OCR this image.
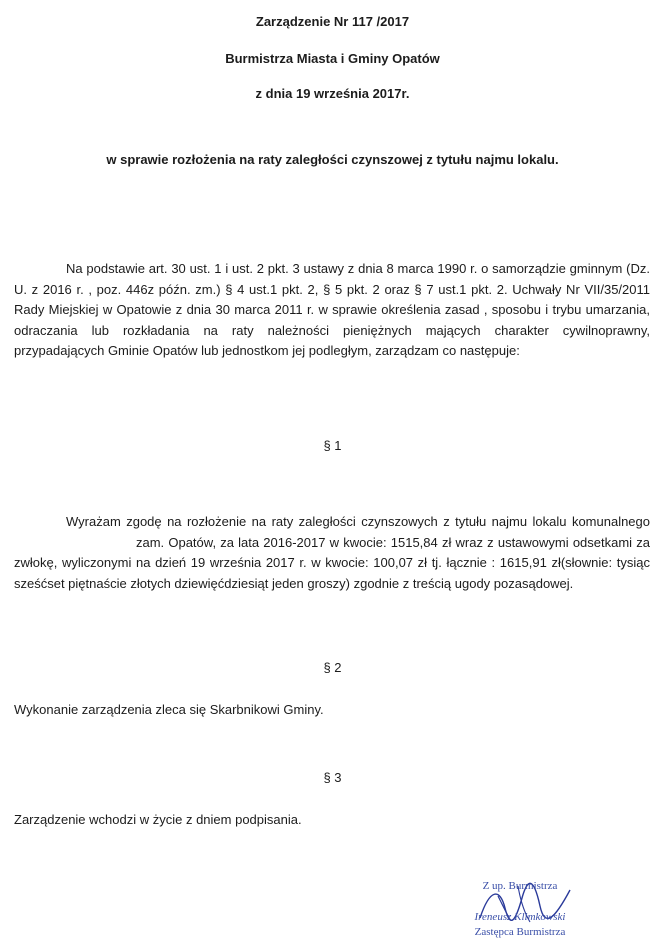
Zarządzenie Nr 117 /2017
Burmistrza Miasta i Gminy Opatów
z dnia 19 września 2017r.
w sprawie rozłożenia na raty zaległości czynszowej z tytułu najmu lokalu.

Na podstawie art. 30 ust. 1 i ust. 2 pkt. 3 ustawy z dnia 8 marca 1990 r. o samorządzie gminnym (Dz. U. z 2016 r. , poz. 446z późn. zm.) § 4 ust.1 pkt. 2, § 5 pkt. 2 oraz § 7 ust.1 pkt. 2. Uchwały Nr VII/35/2011 Rady Miejskiej w Opatowie z dnia 30 marca 2011 r. w sprawie określenia zasad , sposobu i trybu umarzania, odraczania lub rozkładania na raty należności pieniężnych mających charakter cywilnoprawny, przypadających Gminie Opatów lub jednostkom jej podległym, zarządzam co następuje:

§ 1

Wyrażam zgodę na rozłożenie na raty zaległości czynszowych z tytułu najmu lokalu komunalnegozam. Opatów, za lata 2016-2017 w kwocie: 1515,84 zł wraz z ustawowymi odsetkami za zwłokę, wyliczonymi na dzień 19 września 2017 r. w kwocie: 100,07 zł tj. łącznie : 1615,91 zł(słownie: tysiąc sześćset piętnaście złotych dziewięćdziesiąt jeden groszy) zgodnie z treścią ugody pozasądowej.

§ 2

Wykonanie zarządzenia zleca się Skarbnikowi Gminy.

§ 3

Zarządzenie wchodzi w życie z dniem podpisania.

Z up. Burmistrza
Ireneusz Klimkowski
Zastępca Burmistrza
